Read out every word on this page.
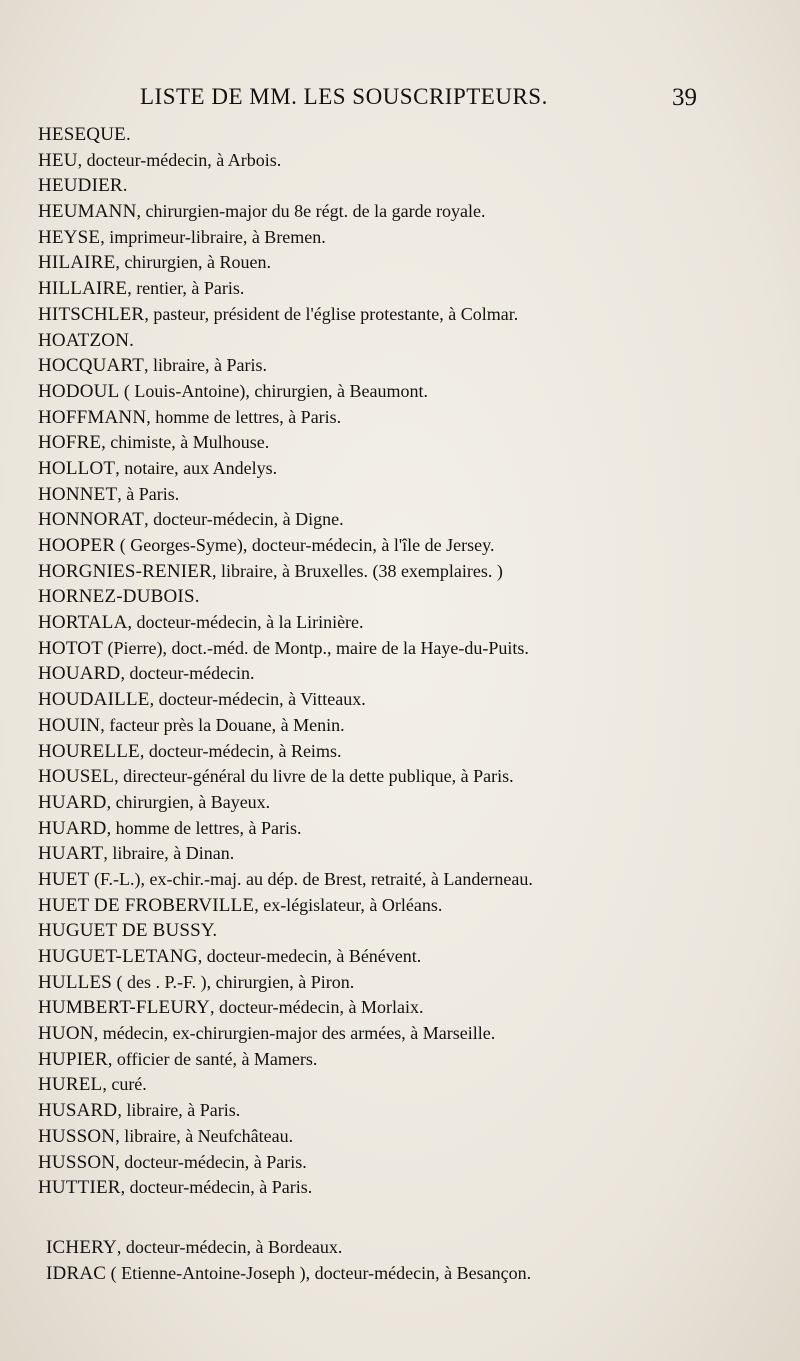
LISTE DE MM. LES SOUSCRIPTEURS.	39
HESEQUE.
HEU, docteur-médecin, à Arbois.
HEUDIER.
HEUMANN, chirurgien-major du 8e régt. de la garde royale.
HEYSE, imprimeur-libraire, à Bremen.
HILAIRE, chirurgien, à Rouen.
HILLAIRE, rentier, à Paris.
HITSCHLER, pasteur, président de l'église protestante, à Colmar.
HOATZON.
HOCQUART, libraire, à Paris.
HODOUL ( Louis-Antoine), chirurgien, à Beaumont.
HOFFMANN, homme de lettres, à Paris.
HOFRE, chimiste, à Mulhouse.
HOLLOT, notaire, aux Andelys.
HONNET, à Paris.
HONNORAT, docteur-médecin, à Digne.
HOOPER ( Georges-Syme), docteur-médecin, à l'île de Jersey.
HORGNIES-RENIER, libraire, à Bruxelles. (38 exemplaires. )
HORNEZ-DUBOIS.
HORTALA, docteur-médecin, à la Lirinière.
HOTOT (Pierre), doct.-méd. de Montp., maire de la Haye-du-Puits.
HOUARD, docteur-médecin.
HOUDAILLE, docteur-médecin, à Vitteaux.
HOUIN, facteur près la Douane, à Menin.
HOURELLE, docteur-médecin, à Reims.
HOUSEL, directeur-général du livre de la dette publique, à Paris.
HUARD, chirurgien, à Bayeux.
HUARD, homme de lettres, à Paris.
HUART, libraire, à Dinan.
HUET (F.-L.), ex-chir.-maj. au dép. de Brest, retraité, à Landerneau.
HUET DE FROBERVILLE, ex-législateur, à Orléans.
HUGUET DE BUSSY.
HUGUET-LETANG, docteur-medecin, à Bénévent.
HULLES ( des . P.-F. ), chirurgien, à Piron.
HUMBERT-FLEURY, docteur-médecin, à Morlaix.
HUON, médecin, ex-chirurgien-major des armées, à Marseille.
HUPIER, officier de santé, à Mamers.
HUREL, curé.
HUSARD, libraire, à Paris.
HUSSON, libraire, à Neufchâteau.
HUSSON, docteur-médecin, à Paris.
HUTTIER, docteur-médecin, à Paris.
ICHERY, docteur-médecin, à Bordeaux.
IDRAC ( Etienne-Antoine-Joseph ), docteur-médecin, à Besançon.
